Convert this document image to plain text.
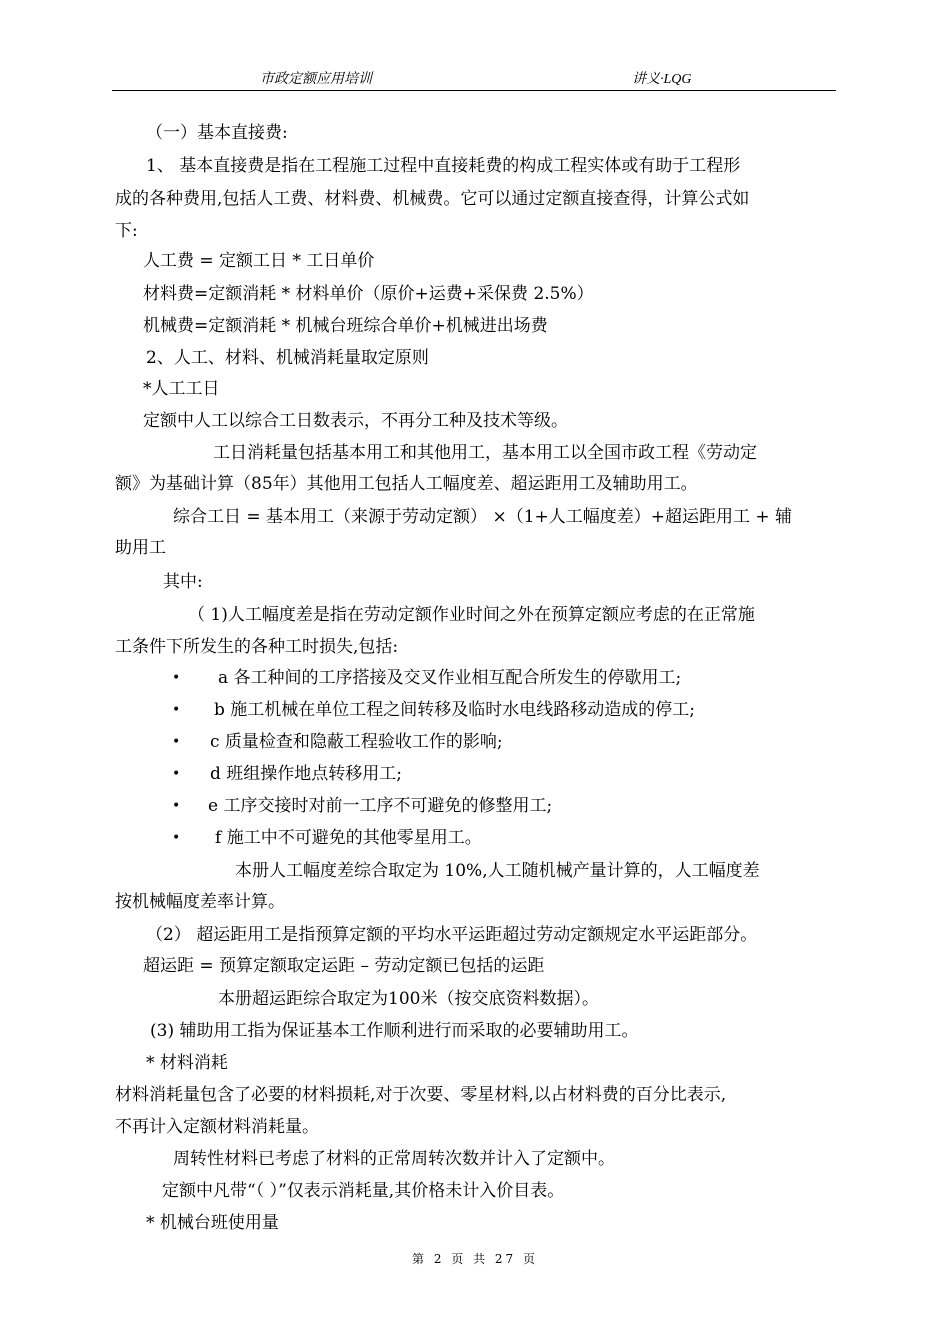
市政定额应用培训	讲义·LQG
（一）基本直接费:
1、 基本直接费是指在工程施工过程中直接耗费的构成工程实体或有助于工程形
成的各种费用,包括人工费、材料费、机械费。它可以通过定额直接查得，计算公式如
下:
人工费 = 定额工日 * 工日单价
材料费=定额消耗 * 材料单价（原价+运费+采保费 2.5%）
机械费=定额消耗 * 机械台班综合单价+机械进出场费
2、人工、材料、机械消耗量取定原则
*人工工日
定额中人工以综合工日数表示，不再分工种及技术等级。
工日消耗量包括基本用工和其他用工，基本用工以全国市政工程《劳动定
额》为基础计算（85年）其他用工包括人工幅度差、超运距用工及辅助用工。
综合工日 = 基本用工（来源于劳动定额） ×（1+人工幅度差）+超运距用工 + 辅
助用工
其中:
（ 1)人工幅度差是指在劳动定额作业时间之外在预算定额应考虑的在正常施
工条件下所发生的各种工时损失,包括:
• a 各工种间的工序搭接及交叉作业相互配合所发生的停歇用工;
• b 施工机械在单位工程之间转移及临时水电线路移动造成的停工;
• c 质量检查和隐蔽工程验收工作的影响;
• d 班组操作地点转移用工;
• e 工序交接时对前一工序不可避免的修整用工;
• f 施工中不可避免的其他零星用工。
本册人工幅度差综合取定为 10%,人工随机械产量计算的，人工幅度差
按机械幅度差率计算。
（2） 超运距用工是指预算定额的平均水平运距超过劳动定额规定水平运距部分。
超运距 = 预算定额取定运距 – 劳动定额已包括的运距
本册超运距综合取定为100米（按交底资料数据）。
(3) 辅助用工指为保证基本工作顺利进行而采取的必要辅助用工。
* 材料消耗
材料消耗量包含了必要的材料损耗,对于次要、零星材料,以占材料费的百分比表示,
不再计入定额材料消耗量。
周转性材料已考虑了材料的正常周转次数并计入了定额中。
定额中凡带“（ ）”仅表示消耗量,其价格未计入价目表。
* 机械台班使用量
第 2 页 共 27 页
